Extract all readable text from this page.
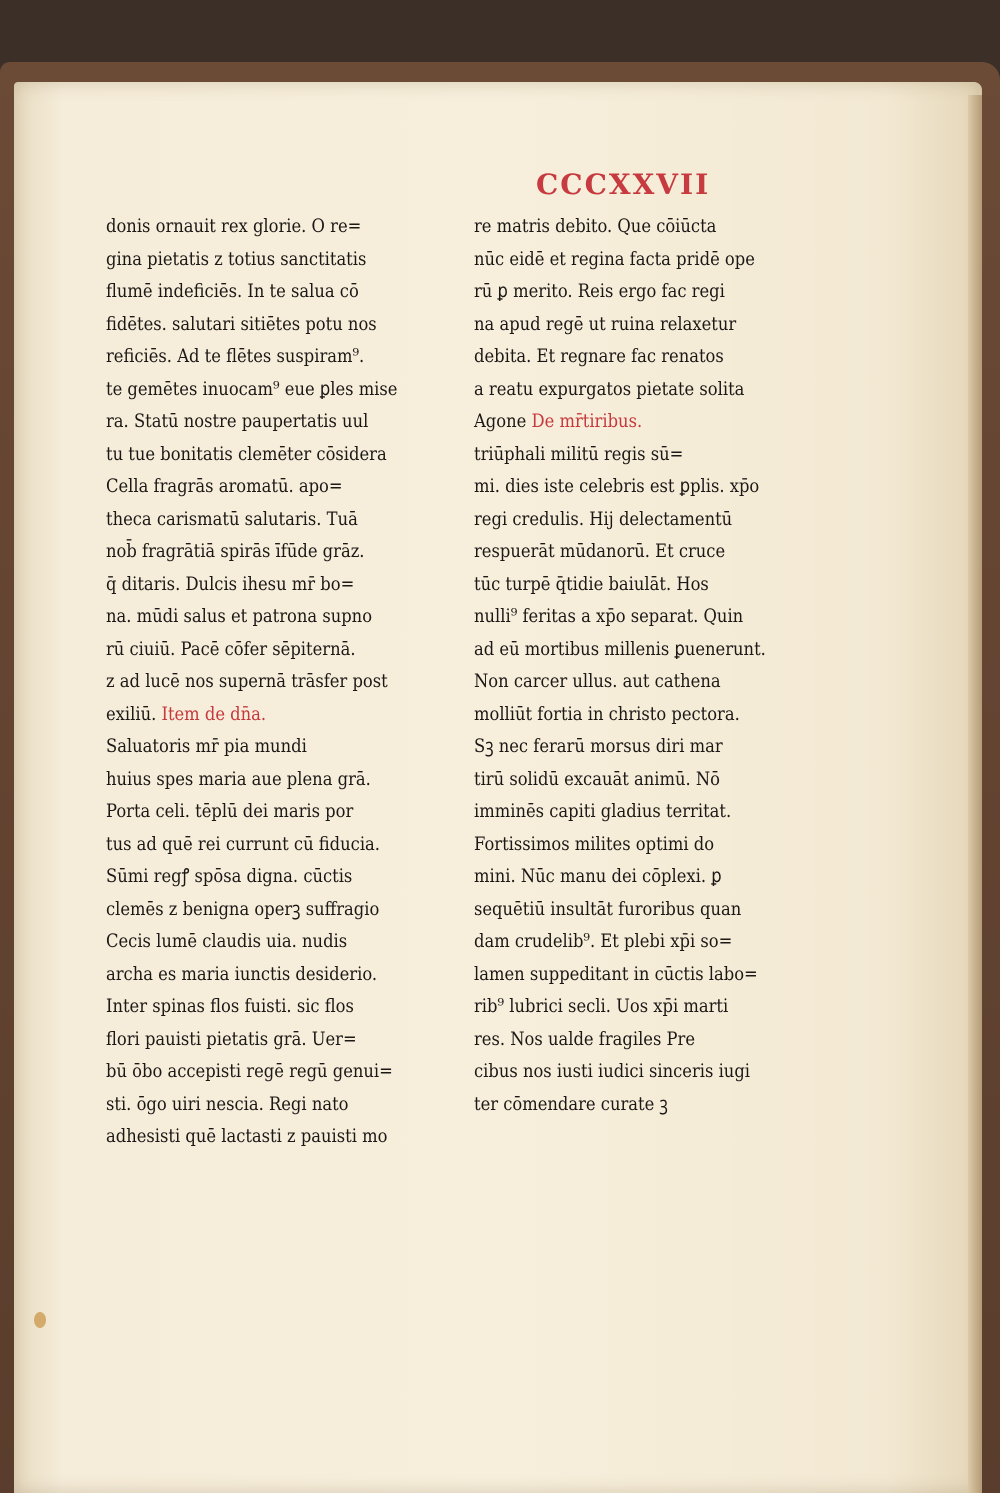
CCCXXVII
donis ornauit rex glorie. O re=
gina pietatis z totius sanctitatis
flumē indeficiēs. In te salua cō
fidētes. salutari sitiētes potu nos
reficiēs. Ad te flētes suspiram⁹.
te gemētes inuocam⁹ eue ꝑles mise
ra. Statū nostre paupertatis uul
tu tue bonitatis clemēter cōsidera
Cella fragrās aromatū. apo=
theca carismatū salutaris. Tuā
nob̄ fragrātiā spirās īfūde grāz.
q̄ ditaris. Dulcis ihesu mr̄ bo=
na. mūdi salus et patrona supno
rū ciuiū. Pacē cōfer sēpiternā.
z ad lucē nos supernā trāsfer post
exiliū. Item de dn̄a.
Saluatoris mr̄ pia mundi
huius spes maria aue plena grā.
Porta celi. tēplū dei maris por
tus ad quē rei currunt cū fiducia.
Sūmi regꝭ spōsa digna. cūctis
clemēs z benigna operꝫ suffragio
Cecis lumē claudis uia. nudis
archa es maria iunctis desiderio.
Inter spinas flos fuisti. sic flos
flori pauisti pietatis grā. Uer=
bū ōbo accepisti regē regū genui=
sti. ōgo uiri nescia. Regi nato
adhesisti quē lactasti z pauisti mo
re matris debito. Que cōiūcta
nūc eidē et regina facta pridē ope
rū ꝑ merito. Reis ergo fac regi
na apud regē ut ruina relaxetur
debita. Et regnare fac renatos
a reatu expurgatos pietate solita
Agone De mr̄tiribus.
triūphali militū regis sū=
mi. dies iste celebris est ꝑplis. xp̄o
regi credulis. Hij delectamentū
respuerāt mūdanorū. Et cruce
tūc turpē q̄tidie baiulāt. Hos
nulli⁹ feritas a xp̄o separat. Quin
ad eū mortibus millenis ꝑuenerunt.
Non carcer ullus. aut cathena
molliūt fortia in christo pectora.
Sꝫ nec ferarū morsus diri mar
tirū solidū excauāt animū. Nō
imminēs capiti gladius territat.
Fortissimos milites optimi do
mini. Nūc manu dei cōplexi. ꝑ
sequētiū insultāt furoribus quan
dam crudelib⁹. Et plebi xp̄i so=
lamen suppeditant in cūctis labo=
rib⁹ lubrici secli. Uos xp̄i marti
res. Nos ualde fragiles Pre
cibus nos iusti iudici sinceris iugi
ter cōmendare curate ꝫ
